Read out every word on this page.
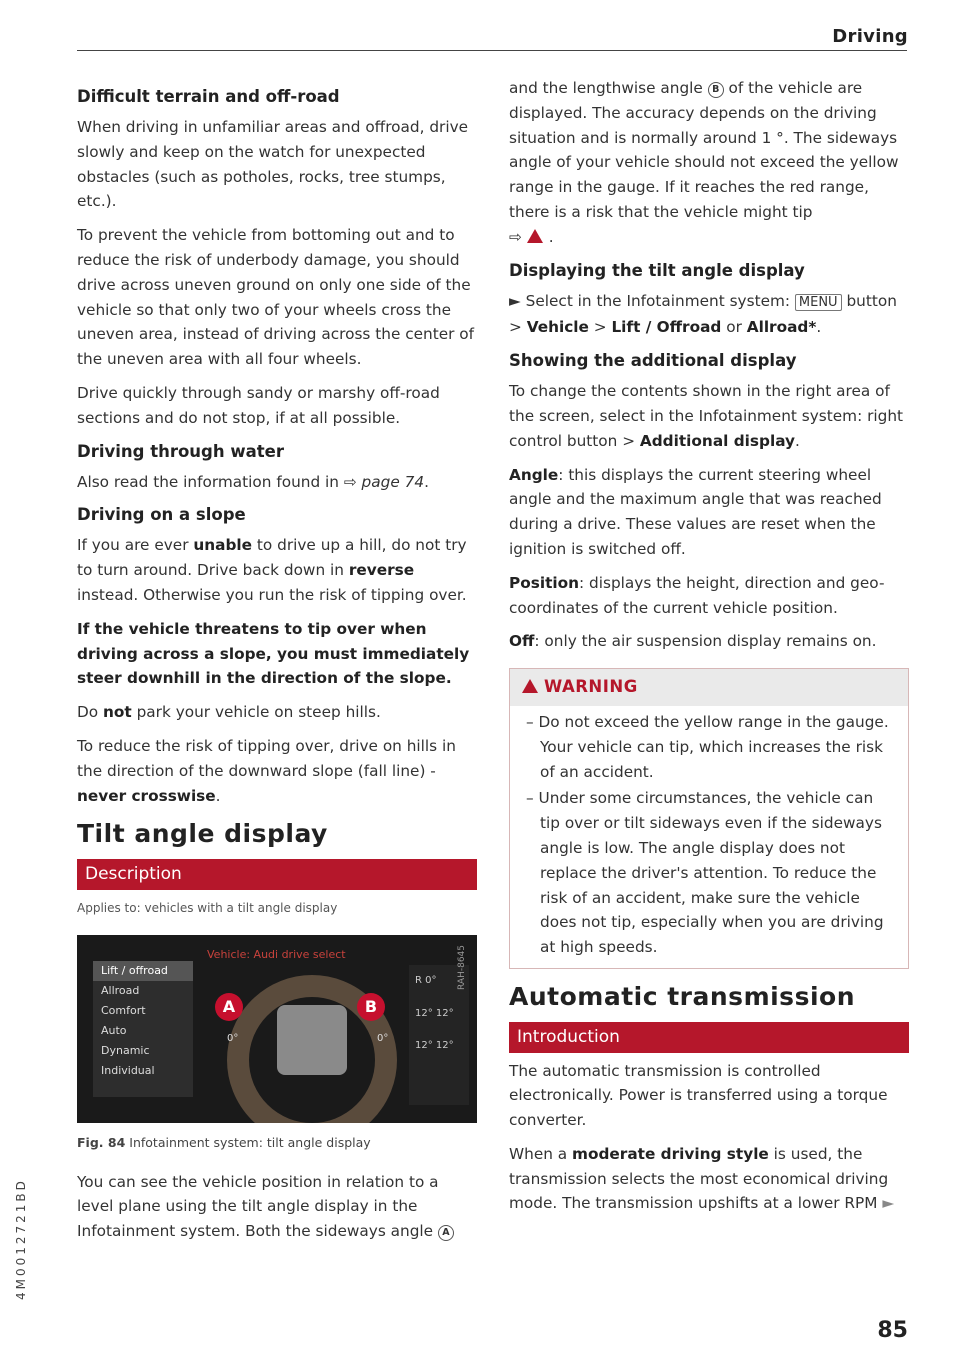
Driving
4M0012721BD
Difficult terrain and off-road

When driving in unfamiliar areas and offroad, drive slowly and keep on the watch for unexpected obstacles (such as potholes, rocks, tree stumps, etc.).

To prevent the vehicle from bottoming out and to reduce the risk of underbody damage, you should drive across uneven ground on only one side of the vehicle so that only two of your wheels cross the uneven area, instead of driving across the center of the uneven area with all four wheels.

Drive quickly through sandy or marshy off-road sections and do not stop, if at all possible.

Driving through water

Also read the information found in ⇨ page 74.

Driving on a slope

If you are ever unable to drive up a hill, do not try to turn around. Drive back down in reverse instead. Otherwise you run the risk of tipping over.

If the vehicle threatens to tip over when driving across a slope, you must immediately steer downhill in the direction of the slope.

Do not park your vehicle on steep hills.

To reduce the risk of tipping over, drive on hills in the direction of the downward slope (fall line) -
never crosswise.

Tilt angle display
Description
Applies to: vehicles with a tilt angle display
Vehicle: Audi drive select
Lift / offroad
Allroad
Comfort
Auto
Dynamic
Individual
0°	0°
A	B
R 0°
12° 12°
12° 12°
RAH-8645
Fig. 84 Infotainment system: tilt angle display

You can see the vehicle position in relation to a level plane using the tilt angle display in the Infotainment system. Both the sideways angle A

and the lengthwise angle B of the vehicle are displayed. The accuracy depends on the driving situation and is normally around 1 °. The sideways angle of your vehicle should not exceed the yellow range in the gauge. If it reaches the red range, there is a risk that the vehicle might tip
⇨ .

Displaying the tilt angle display

► Select in the Infotainment system: MENU button > Vehicle > Lift / Offroad or Allroad*.

Showing the additional display

To change the contents shown in the right area of the screen, select in the Infotainment system: right control button > Additional display.

Angle: this displays the current steering wheel angle and the maximum angle that was reached during a drive. These values are reset when the ignition is switched off.

Position: displays the height, direction and geo-coordinates of the current vehicle position.

Off: only the air suspension display remains on.

WARNING
– Do not exceed the yellow range in the gauge. Your vehicle can tip, which increases the risk of an accident.
– Under some circumstances, the vehicle can tip over or tilt sideways even if the sideways angle is low. The angle display does not replace the driver's attention. To reduce the risk of an accident, make sure the vehicle does not tip, especially when you are driving at high speeds.
Automatic transmission
Introduction

The automatic transmission is controlled electronically. Power is transferred using a torque converter.

When a moderate driving style is used, the transmission selects the most economical driving mode. The transmission upshifts at a lower RPM ►

85
